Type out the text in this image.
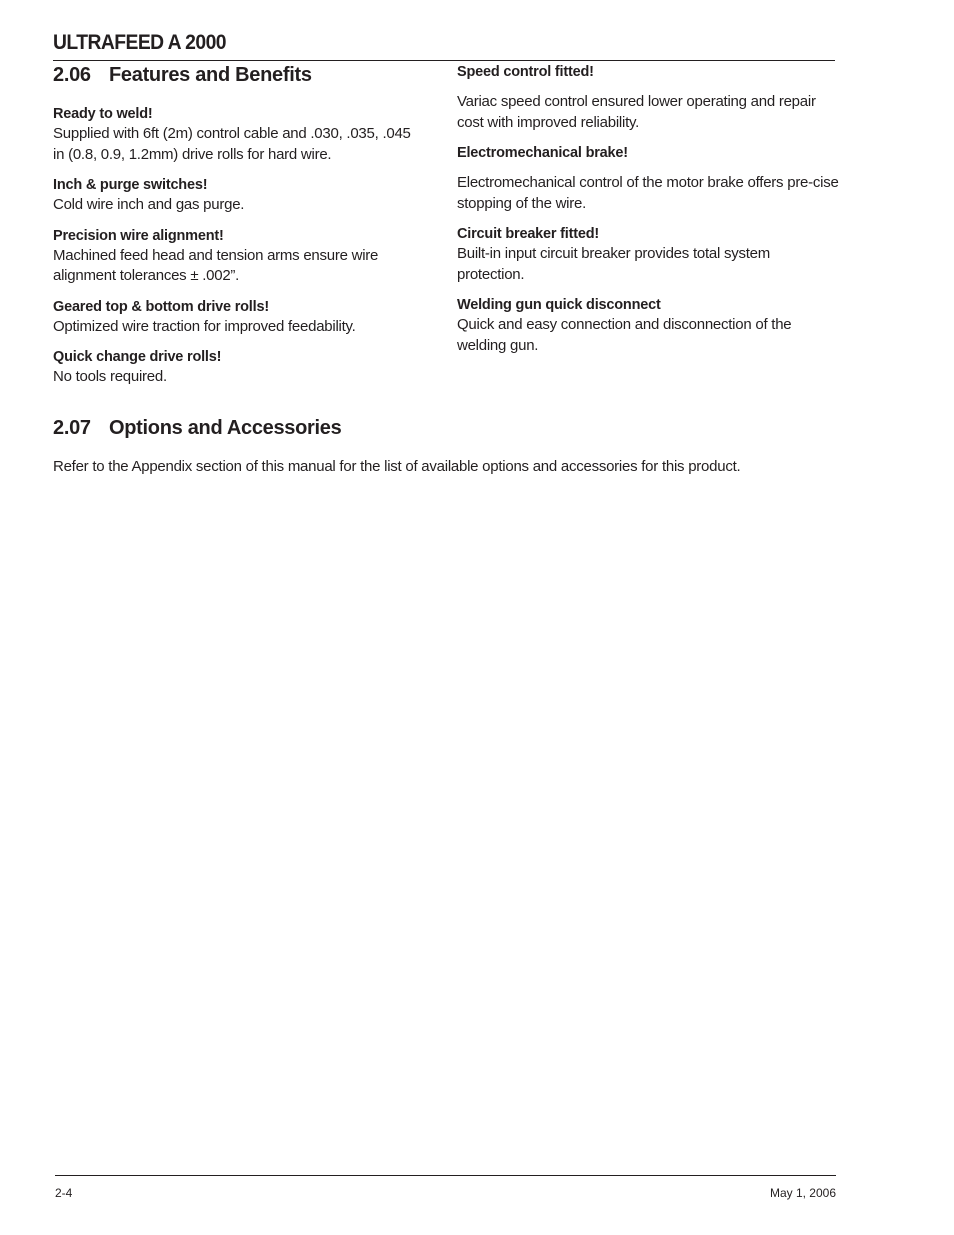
ULTRAFEED A 2000
2.06 Features and Benefits
Ready to weld!
Supplied with 6ft (2m) control cable and .030, .035, .045 in (0.8, 0.9, 1.2mm) drive rolls for hard wire.
Inch & purge switches!
Cold wire inch and gas purge.
Precision wire alignment!
Machined feed head and tension arms ensure wire alignment tolerances ± .002”.
Geared top & bottom drive rolls!
Optimized wire traction for improved feedability.
Quick change drive rolls!
No tools required.
Speed control fitted!
Variac speed control ensured lower operating and repair cost with improved reliability.
Electromechanical brake!
Electromechanical control of the motor brake offers pre-cise stopping of the wire.
Circuit breaker fitted!
Built-in input circuit breaker provides total system protection.
Welding gun quick disconnect
Quick and easy connection and disconnection of the welding gun.
2.07 Options and Accessories
Refer to the Appendix section of this manual for the list of available options and accessories for this product.
2-4	May 1, 2006
